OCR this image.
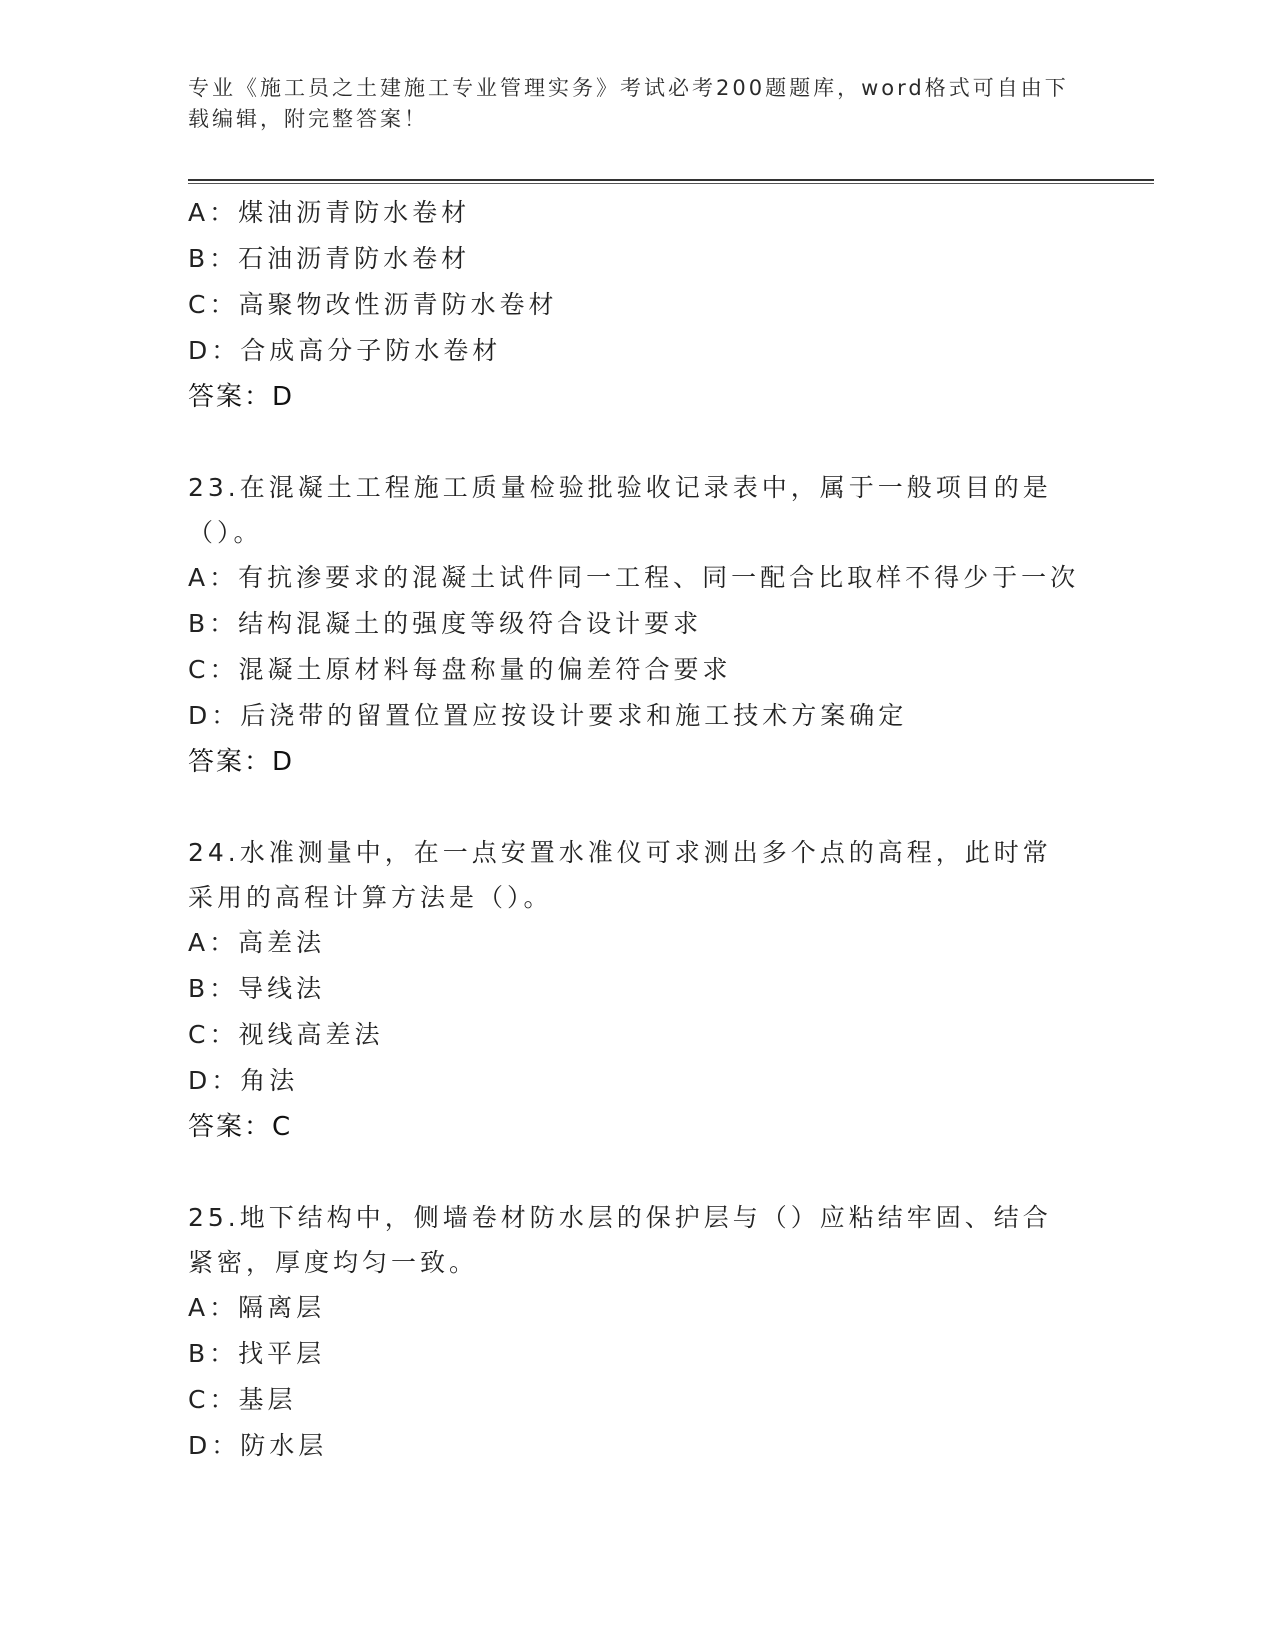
专业《施工员之土建施工专业管理实务》考试必考200题题库，word格式可自由下载编辑，附完整答案！

A：煤油沥青防水卷材
B：石油沥青防水卷材
C：高聚物改性沥青防水卷材
D：合成高分子防水卷材
答案：D
23.在混凝土工程施工质量检验批验收记录表中，属于一般项目的是（）。
A：有抗渗要求的混凝土试件同一工程、同一配合比取样不得少于一次
B：结构混凝土的强度等级符合设计要求
C：混凝土原材料每盘称量的偏差符合要求
D：后浇带的留置位置应按设计要求和施工技术方案确定
答案：D
24.水准测量中，在一点安置水准仪可求测出多个点的高程，此时常采用的高程计算方法是（）。
A：高差法
B：导线法
C：视线高差法
D：角法
答案：C
25.地下结构中，侧墙卷材防水层的保护层与（）应粘结牢固、结合紧密，厚度均匀一致。
A：隔离层
B：找平层
C：基层
D：防水层
